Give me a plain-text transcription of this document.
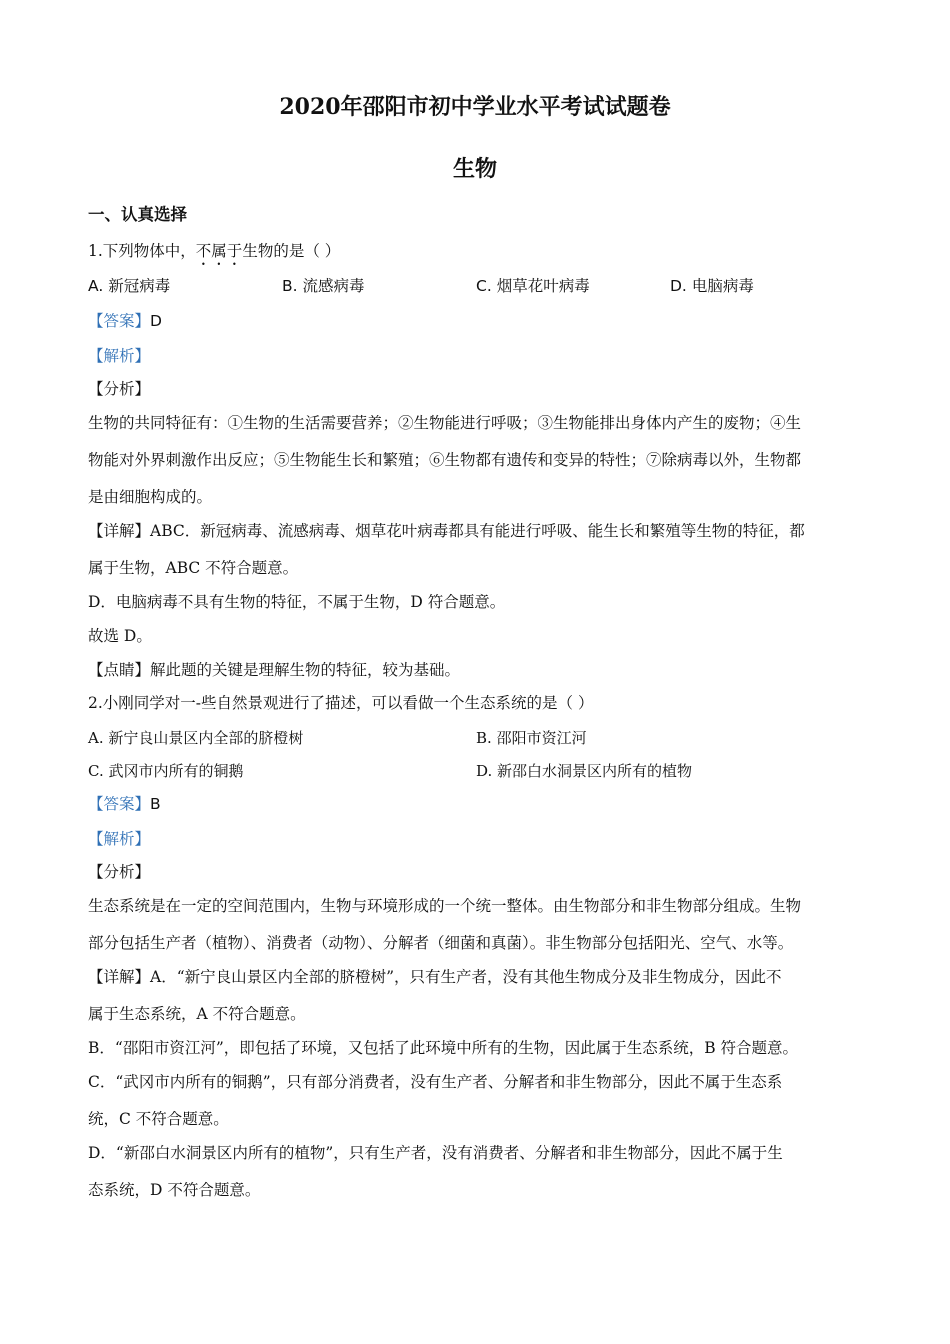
2020年邵阳市初中学业水平考试试题卷
生物
一、认真选择
1.下列物体中，不属于生物的是（ ）
A. 新冠病毒	B. 流感病毒	C. 烟草花叶病毒	D. 电脑病毒
【答案】D
【解析】
【分析】
生物的共同特征有：①生物的生活需要营养；②生物能进行呼吸；③生物能排出身体内产生的废物；④生
物能对外界刺激作出反应；⑤生物能生长和繁殖；⑥生物都有遗传和变异的特性；⑦除病毒以外，生物都
是由细胞构成的。
【详解】ABC．新冠病毒、流感病毒、烟草花叶病毒都具有能进行呼吸、能生长和繁殖等生物的特征，都
属于生物，ABC 不符合题意。
D．电脑病毒不具有生物的特征，不属于生物，D 符合题意。
故选 D。
【点睛】解此题的关键是理解生物的特征，较为基础。
2.小刚同学对一-些自然景观进行了描述，可以看做一个生态系统的是（ ）
A. 新宁良山景区内全部的脐橙树	B. 邵阳市资江河
C. 武冈市内所有的铜鹅	D. 新邵白水洞景区内所有的植物
【答案】B
【解析】
【分析】
生态系统是在一定的空间范围内，生物与环境形成的一个统一整体。由生物部分和非生物部分组成。生物
部分包括生产者（植物）、消费者（动物）、分解者（细菌和真菌）。非生物部分包括阳光、空气、水等。
【详解】A．“新宁良山景区内全部的脐橙树”，只有生产者，没有其他生物成分及非生物成分，因此不
属于生态系统，A 不符合题意。
B．“邵阳市资江河”，即包括了环境，又包括了此环境中所有的生物，因此属于生态系统，B 符合题意。
C．“武冈市内所有的铜鹅”，只有部分消费者，没有生产者、分解者和非生物部分，因此不属于生态系
统，C 不符合题意。
D．“新邵白水洞景区内所有的植物”，只有生产者，没有消费者、分解者和非生物部分，因此不属于生
态系统，D 不符合题意。
